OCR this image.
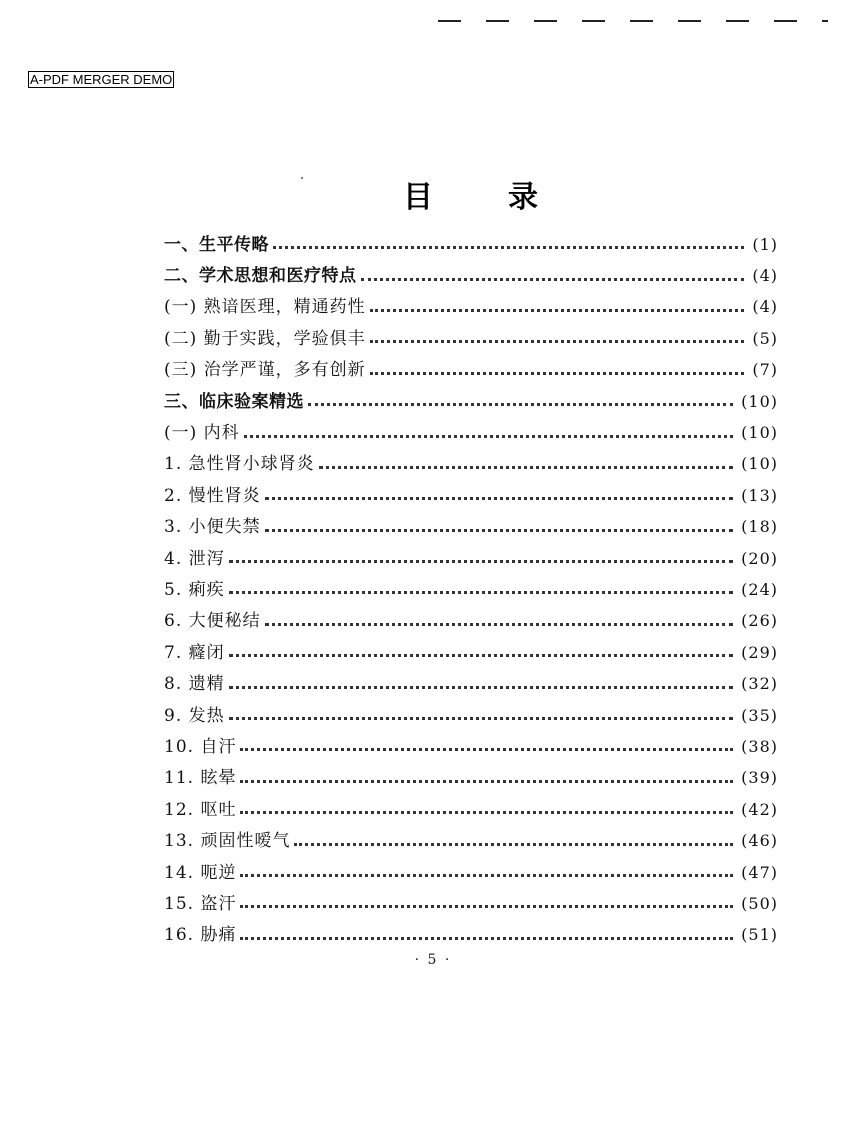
A-PDF MERGER DEMO
目	录
一、生平传略	(1)
二、学术思想和医疗特点	(4)
(一) 熟谙医理，精通药性	(4)
(二) 勤于实践，学验俱丰	(5)
(三) 治学严谨，多有创新	(7)
三、临床验案精选	(10)
(一) 内科	(10)
1. 急性肾小球肾炎	(10)
2. 慢性肾炎	(13)
3. 小便失禁	(18)
4. 泄泻	(20)
5. 痢疾	(24)
6. 大便秘结	(26)
7. 癃闭	(29)
8. 遗精	(32)
9. 发热	(35)
10. 自汗	(38)
11. 眩晕	(39)
12. 呕吐	(42)
13. 顽固性嗳气	(46)
14. 呃逆	(47)
15. 盗汗	(50)
16. 胁痛	(51)
· 5 ·
